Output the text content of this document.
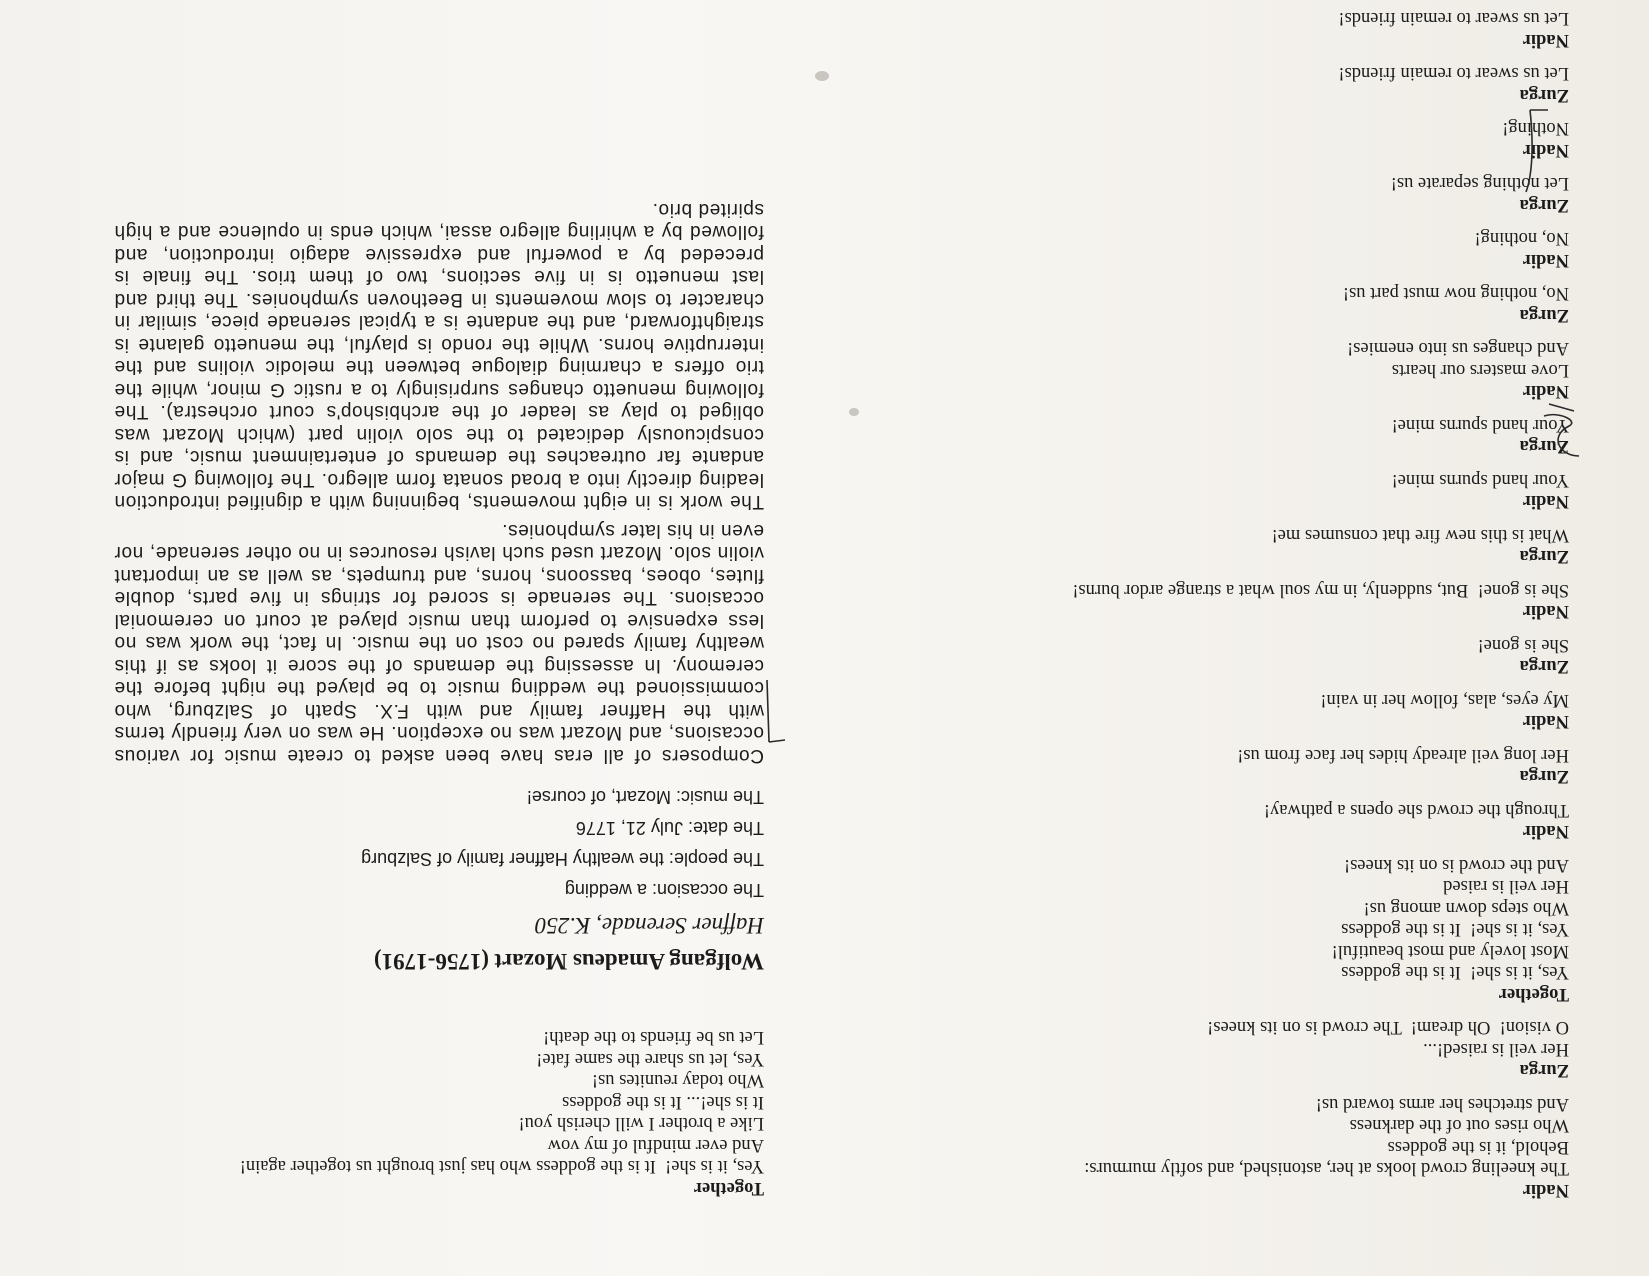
Nadir
The kneeling crowd looks at her, astonished, and softly murmurs:
Behold, it is the goddess
Who rises out of the darkness
And stretches her arms toward us!
Zurga
Her veil is raised!...
O vision!  Oh dream!  The crowd is on its knees!
Together
Yes, it is she!  It is the goddess
Most lovely and most beautiful!
Yes, it is she!  It is the goddess
Who steps down among us!
Her veil is raised
And the crowd is on its knees!
Nadir
Through the crowd she opens a pathway!
Zurga
Her long veil already hides her face from us!
Nadir
My eyes, alas, follow her in vain!
Zurga
She is gone!
Nadir
She is gone!  But, suddenly, in my soul what a strange ardor burns!
Zurga
What is this new fire that consumes me!
Nadir
Your hand spurns mine!
Zurga
Your hand spurns mine!
Nadir
Love masters our hearts
And changes us into enemies!
Zurga
No, nothing now must part us!
Nadir
No, nothing!
Zurga
Let nothing separate us!
Nadir
Nothing!
Zurga
Let us swear to remain friends!
Nadir
Let us swear to remain friends!
Together
Yes, it is she!  It is the goddess who has just brought us together again!
And ever mindful of my vow
Like a brother I will cherish you!
It is she!... It is the goddess
Who today reunites us!
Yes, let us share the same fate!
Let us be friends to the death!
Wolfgang Amadeus Mozart
(1756-1791)
Haffner Serenade, K.250
The occasion: a wedding
The people: the wealthy Haffner family of Salzburg
The date: July 21, 1776
The music: Mozart, of course!
Composers of all eras have been asked to create music for various occasions, and Mozart was no exception. He was on very friendly terms with the Haffner family and with F.X. Spath of Salzburg, who commissioned the wedding music to be played the night before the ceremony. In assessing the demands of the score it looks as if this wealthy family spared no cost on the music. In fact, the work was no less expensive to perform than music played at court on ceremonial occasions. The serenade is scored for strings in five parts, double flutes, oboes, bassoons, horns, and trumpets, as well as an important violin solo. Mozart used such lavish resources in no other serenade, nor even in his later symphonies.
The work is in eight movements, beginning with a dignified introduction leading directly into a broad sonata form allegro. The following G major andante far outreaches the demands of entertainment music, and is conspicuously dedicated to the solo violin part (which Mozart was obliged to play as leader of the archbishop's court orchestra). The following menuetto changes surprisingly to a rustic G minor, while the trio offers a charming dialogue between the melodic violins and the interruptive horns. While the rondo is playful, the menuetto galante is straightforward, and the andante is a typical serenade piece, similar in character to slow movements in Beethoven symphonies. The third and last menuetto is in five sections, two of them trios. The finale is preceded by a powerful and expressive adagio introduction, and followed by a whirling allegro assai, which ends in opulence and a high spirited brio.
